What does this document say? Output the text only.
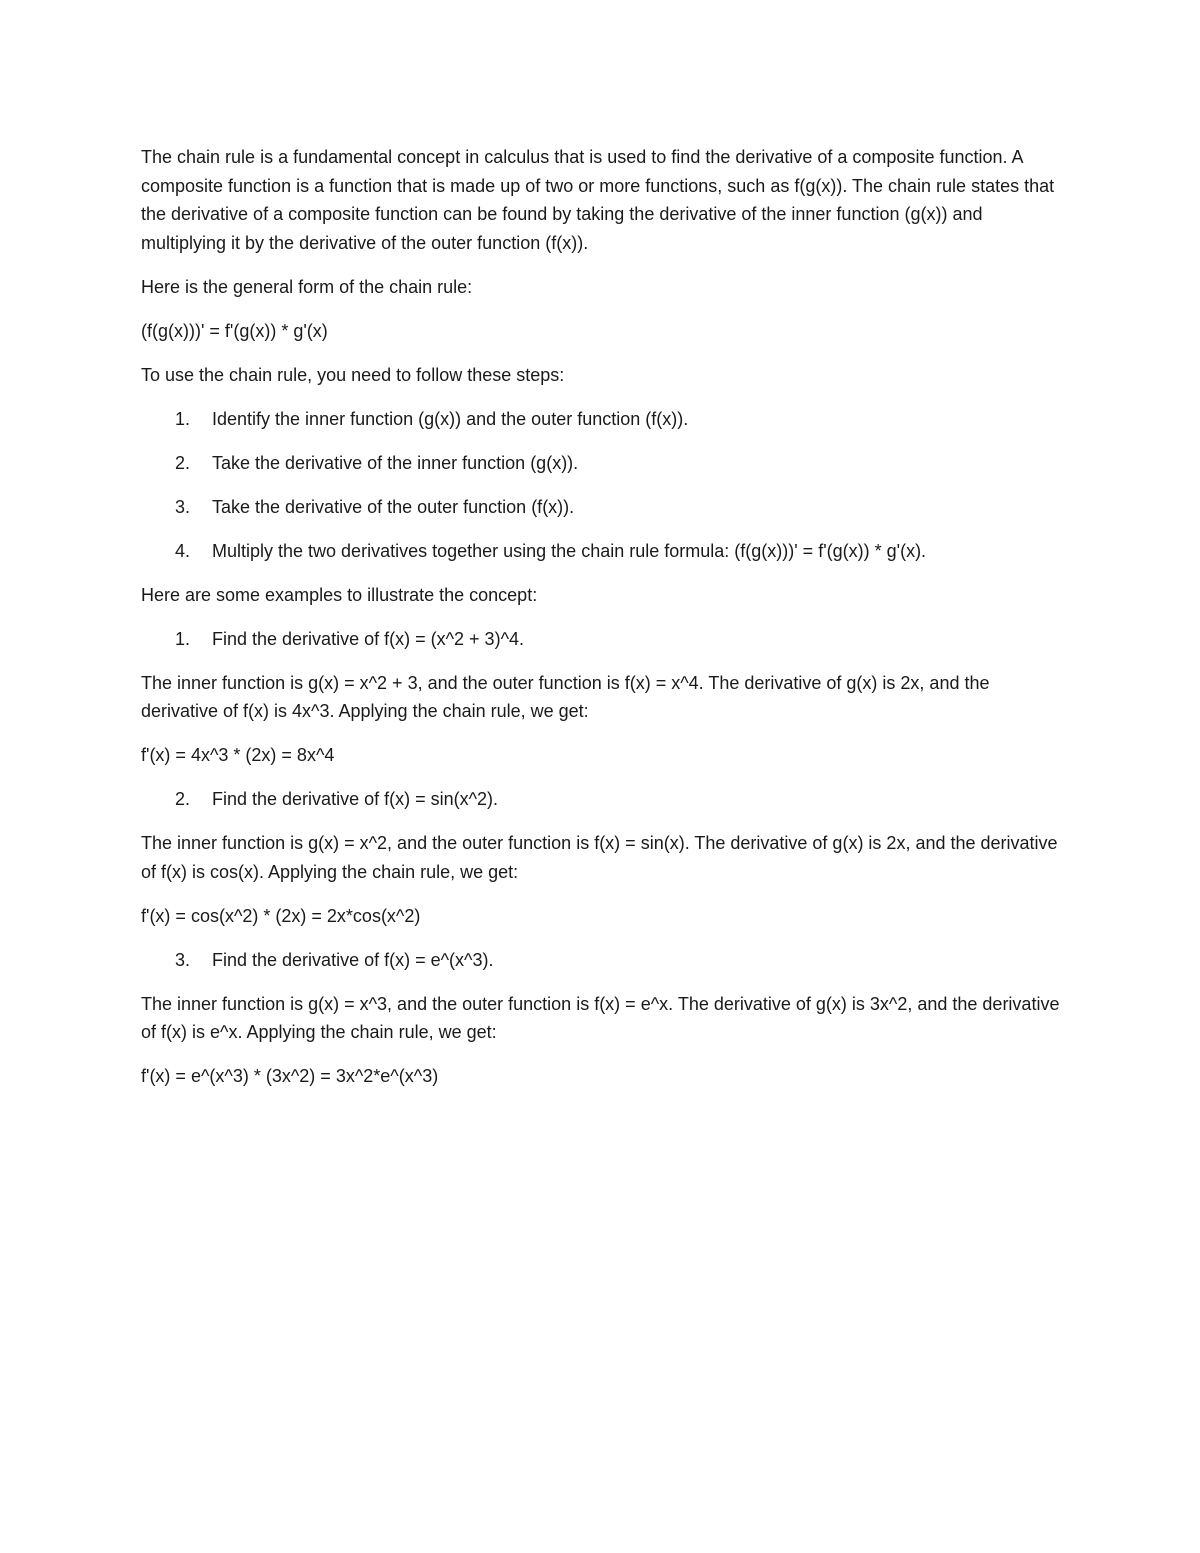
The chain rule is a fundamental concept in calculus that is used to find the derivative of a composite function. A composite function is a function that is made up of two or more functions, such as f(g(x)). The chain rule states that the derivative of a composite function can be found by taking the derivative of the inner function (g(x)) and multiplying it by the derivative of the outer function (f(x)).

Here is the general form of the chain rule:

(f(g(x)))' = f'(g(x)) * g'(x)

To use the chain rule, you need to follow these steps:

1.	Identify the inner function (g(x)) and the outer function (f(x)).
2.	Take the derivative of the inner function (g(x)).
3.	Take the derivative of the outer function (f(x)).
4.	Multiply the two derivatives together using the chain rule formula: (f(g(x)))' = f'(g(x)) * g'(x).

Here are some examples to illustrate the concept:

1.	Find the derivative of f(x) = (x^2 + 3)^4.

The inner function is g(x) = x^2 + 3, and the outer function is f(x) = x^4. The derivative of g(x) is 2x, and the derivative of f(x) is 4x^3. Applying the chain rule, we get:

f'(x) = 4x^3 * (2x) = 8x^4

2.	Find the derivative of f(x) = sin(x^2).

The inner function is g(x) = x^2, and the outer function is f(x) = sin(x). The derivative of g(x) is 2x, and the derivative of f(x) is cos(x). Applying the chain rule, we get:

f'(x) = cos(x^2) * (2x) = 2x*cos(x^2)

3.	Find the derivative of f(x) = e^(x^3).

The inner function is g(x) = x^3, and the outer function is f(x) = e^x. The derivative of g(x) is 3x^2, and the derivative of f(x) is e^x. Applying the chain rule, we get:

f'(x) = e^(x^3) * (3x^2) = 3x^2*e^(x^3)
